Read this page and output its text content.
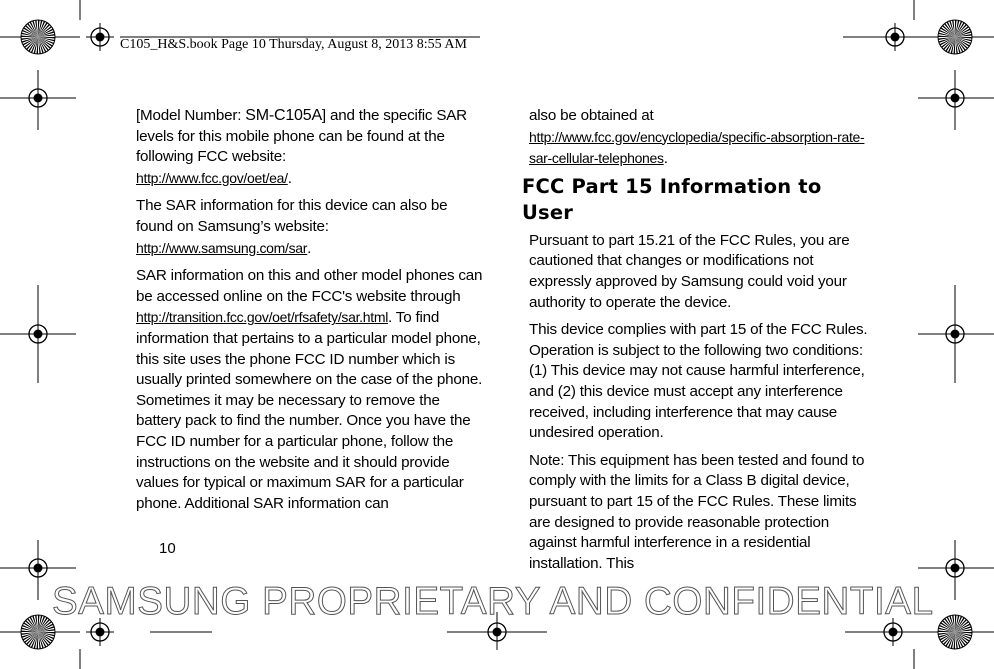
C105_H&S.book Page 10 Thursday, August 8, 2013 8:55 AM

[Model Number: SM-C105A] and the specific SAR levels for this mobile phone can be found at the following FCC website:
http://www.fcc.gov/oet/ea/.

The SAR information for this device can also be found on Samsung’s website:
http://www.samsung.com/sar.

SAR information on this and other model phones can be accessed online on the FCC's website through http://transition.fcc.gov/oet/rfsafety/sar.html. To find information that pertains to a particular model phone, this site uses the phone FCC ID number which is usually printed somewhere on the case of the phone. Sometimes it may be necessary to remove the battery pack to find the number. Once you have the FCC ID number for a particular phone, follow the instructions on the website and it should provide values for typical or maximum SAR for a particular phone. Additional SAR information can

also be obtained at
http://www.fcc.gov/encyclopedia/specific-absorption-rate-sar-cellular-telephones.

FCC Part 15 Information to User

Pursuant to part 15.21 of the FCC Rules, you are cautioned that changes or modifications not expressly approved by Samsung could void your authority to operate the device.

This device complies with part 15 of the FCC Rules. Operation is subject to the following two conditions: (1) This device may not cause harmful interference, and (2) this device must accept any interference received, including interference that may cause undesired operation.

Note: This equipment has been tested and found to comply with the limits for a Class B digital device, pursuant to part 15 of the FCC Rules. These limits are designed to provide reasonable protection against harmful interference in a residential installation. This

10
SAMSUNG PROPRIETARY AND CONFIDENTIAL
